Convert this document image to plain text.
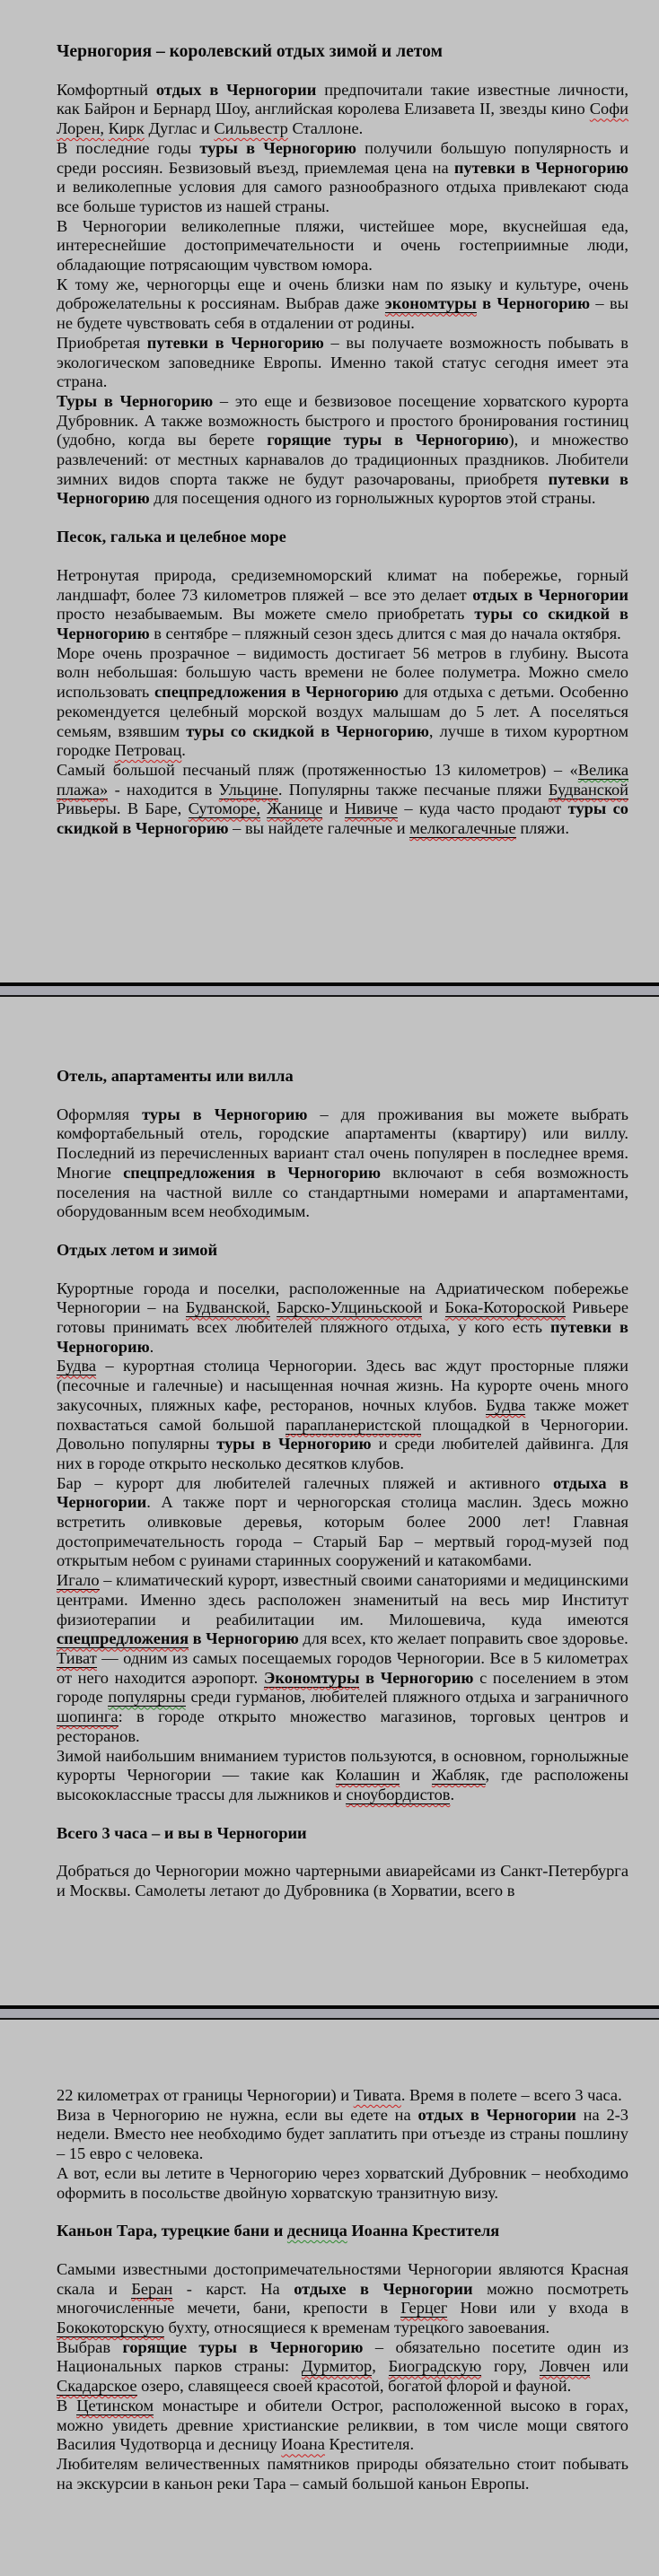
Черногория – королевский отдых зимой и летом

Комфортный отдых в Черногории предпочитали такие известные личности, как Байрон и Бернард Шоу, английская королева Елизавета II, звезды кино Софи Лорен, Кирк Дуглас и Сильвестр Сталлоне.

В последние годы туры в Черногорию получили большую популярность и среди россиян. Безвизовый въезд, приемлемая цена на путевки в Черногорию и великолепные условия для самого разнообразного отдыха привлекают сюда все больше туристов из нашей страны.

В Черногории великолепные пляжи, чистейшее море, вкуснейшая еда, интереснейшие достопримечательности и очень гостеприимные люди, обладающие потрясающим чувством юмора.

К тому же, черногорцы еще и очень близки нам по языку и культуре, очень доброжелательны к россиянам. Выбрав даже экономтуры в Черногорию – вы не будете чувствовать себя в отдалении от родины.

Приобретая путевки в Черногорию – вы получаете возможность побывать в экологическом заповеднике Европы. Именно такой статус сегодня имеет эта страна.

Туры в Черногорию – это еще и безвизовое посещение хорватского курорта Дубровник. А также возможность быстрого и простого бронирования гостиниц (удобно, когда вы берете горящие туры в Черногорию), и множество развлечений: от местных карнавалов до традиционных праздников. Любители зимних видов спорта также не будут разочарованы, приобретя путевки в Черногорию для посещения одного из горнолыжных курортов этой страны.

Песок, галька и целебное море

Нетронутая природа, средиземноморский климат на побережье, горный ландшафт, более 73 километров пляжей – все это делает отдых в Черногории просто незабываемым. Вы можете смело приобретать туры со скидкой в Черногорию в сентябре – пляжный сезон здесь длится с мая до начала октября.

Море очень прозрачное – видимость достигает 56 метров в глубину. Высота волн небольшая: большую часть времени не более полуметра. Можно смело использовать спецпредложения в Черногорию для отдыха с детьми. Особенно рекомендуется целебный морской воздух малышам до 5 лет. А поселяться семьям, взявшим туры со скидкой в Черногорию, лучше в тихом курортном городке Петровац.

Самый большой песчаный пляж (протяженностью 13 километров) – «Велика плажа» - находится в Ульцине. Популярны также песчаные пляжи Будванской Ривьеры. В Баре, Сутоморе, Жанице и Нивиче – куда часто продают туры со скидкой в Черногорию – вы найдете галечные и мелкогалечные пляжи.

Отель, апартаменты или вилла

Оформляя туры в Черногорию – для проживания вы можете выбрать комфортабельный отель, городские апартаменты (квартиру) или виллу. Последний из перечисленных вариант стал очень популярен в последнее время. Многие спецпредложения в Черногорию включают в себя возможность поселения на частной вилле со стандартными номерами и апартаментами, оборудованным всем необходимым.

Отдых летом и зимой

Курортные города и поселки, расположенные на Адриатическом побережье Черногории – на Будванской, Барско-Улциньскоой и Бока-Котороской Ривьере готовы принимать всех любителей пляжного отдыха, у кого есть путевки в Черногорию.

Будва – курортная столица Черногории. Здесь вас ждут просторные пляжи (песочные и галечные) и насыщенная ночная жизнь. На курорте очень много закусочных, пляжных кафе, ресторанов, ночных клубов. Будва также может похвастаться самой большой парапланеристской площадкой в Черногории. Довольно популярны туры в Черногорию и среди любителей дайвинга. Для них в городе открыто несколько десятков клубов.

Бар – курорт для любителей галечных пляжей и активного отдыха в Черногории. А также порт и черногорская столица маслин. Здесь можно встретить оливковые деревья, которым более 2000 лет! Главная достопримечательность города – Старый Бар – мертвый город-музей под открытым небом с руинами старинных сооружений и катакомбами.

Игало – климатический курорт, известный своими санаториями и медицинскими центрами. Именно здесь расположен знаменитый на весь мир Институт физиотерапии и реабилитации им. Милошевича, куда имеются спецпредложения в Черногорию для всех, кто желает поправить свое здоровье.

Тиват — одним из самых посещаемых городов Черногории. Все в 5 километрах от него находится аэропорт. Экономтуры в Черногорию с поселением в этом городе популярны среди гурманов, любителей пляжного отдыха и заграничного шопинга: в городе открыто множество магазинов, торговых центров и ресторанов.

Зимой наибольшим вниманием туристов пользуются, в основном, горнолыжные курорты Черногории — такие как Колашин и Жабляк, где расположены высококлассные трассы для лыжников и сноубордистов.

Всего 3 часа – и вы в Черногории

Добраться до Черногории можно чартерными авиарейсами из Санкт-Петербурга и Москвы. Самолеты летают до Дубровника (в Хорватии, всего в

22 километрах от границы Черногории) и Тивата. Время в полете – всего 3 часа.

Виза в Черногорию не нужна, если вы едете на отдых в Черногории на 2-3 недели. Вместо нее необходимо будет заплатить при отъезде из страны пошлину – 15 евро с человека.

А вот, если вы летите в Черногорию через хорватский Дубровник – необходимо оформить в посольстве двойную хорватскую транзитную визу.

Каньон Тара, турецкие бани и десница Иоанна Крестителя

Самыми известными достопримечательностями Черногории являются Красная скала и Беран - карст. На отдыхе в Черногории можно посмотреть многочисленные мечети, бани, крепости в Герцег Нови или у входа в Бококоторскую бухту, относящиеся к временам турецкого завоевания.

Выбрав горящие туры в Черногорию – обязательно посетите один из Национальных парков страны: Дурмитор, Биоградскую гору, Ловчен или Скадарское озеро, славящееся своей красотой, богатой флорой и фауной.

В Цетинском монастыре и обители Острог, расположенной высоко в горах, можно увидеть древние христианские реликвии, в том числе мощи святого Василия Чудотворца и десницу Иоана Крестителя.

Любителям величественных памятников природы обязательно стоит побывать на экскурсии в каньон реки Тара – самый большой каньон Европы.
